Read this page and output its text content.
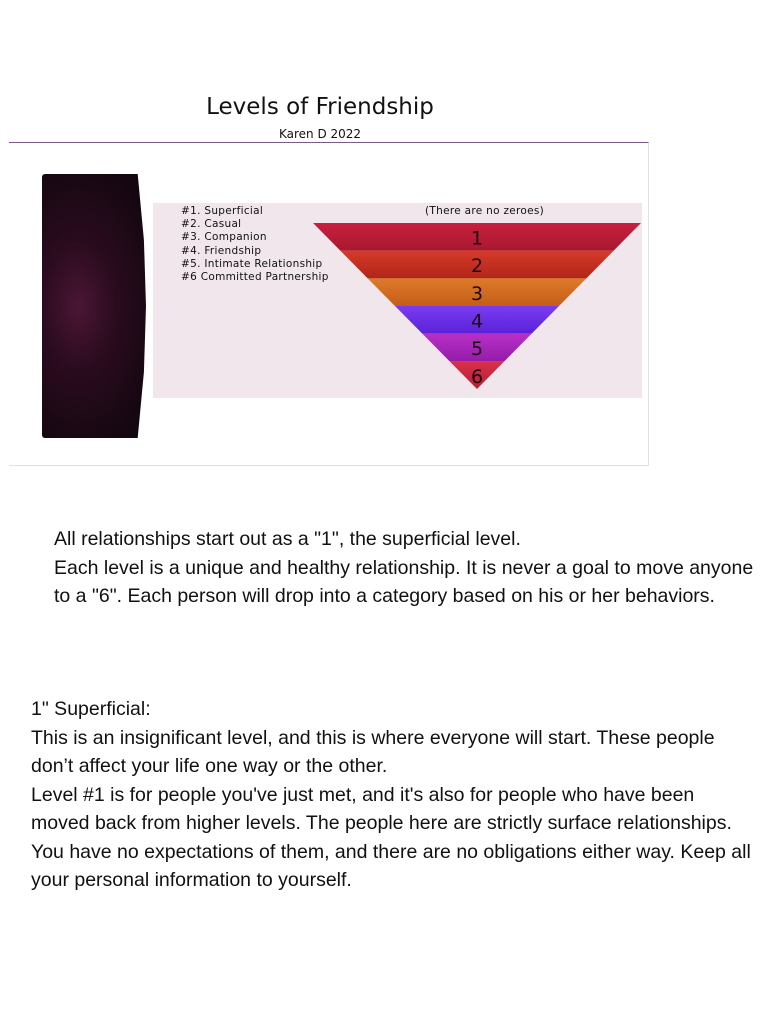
Levels of Friendship
Karen D 2022
#1. Superficial
#2. Casual
#3. Companion
#4. Friendship
#5. Intimate Relationship
#6 Committed Partnership
(There are no zeroes)
1
2
3
4
5
6
All relationships start out as a "1", the superficial level.
Each level is a unique and healthy relationship. It is never a goal to move anyone to a "6". Each person will drop into a category based on his or her behaviors.
1" Superficial:
This is an insignificant level, and this is where everyone will start. These people don’t affect your life one way or the other.
Level #1 is for people you've just met, and it's also for people who have been moved back from higher levels. The people here are strictly surface relationships. You have no expectations of them, and there are no obligations either way. Keep all your personal information to yourself.
